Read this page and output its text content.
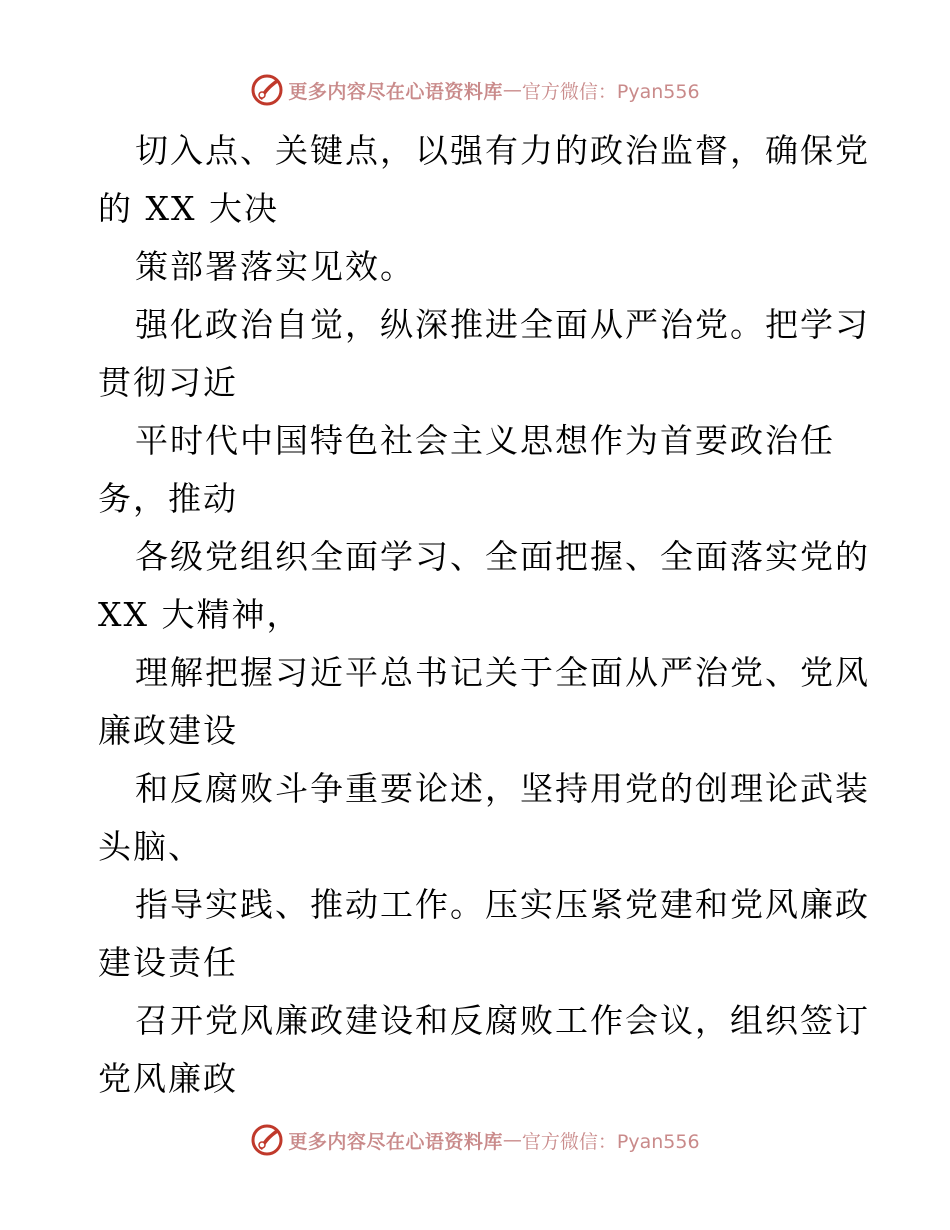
更多内容尽在心语资料库 — 官方微信：Pyan556
切入点、关键点，以强有力的政治监督，确保党
的 XX 大决
策部署落实见效。
强化政治自觉，纵深推进全面从严治党。把学习
贯彻习近
平时代中国特色社会主义思想作为首要政治任
务，推动
各级党组织全面学习、全面把握、全面落实党的
XX 大精神，
理解把握习近平总书记关于全面从严治党、党风
廉政建设
和反腐败斗争重要论述，坚持用党的创理论武装
头脑、
指导实践、推动工作。压实压紧党建和党风廉政
建设责任
召开党风廉政建设和反腐败工作会议，组织签订
党风廉政
更多内容尽在心语资料库 — 官方微信：Pyan556
